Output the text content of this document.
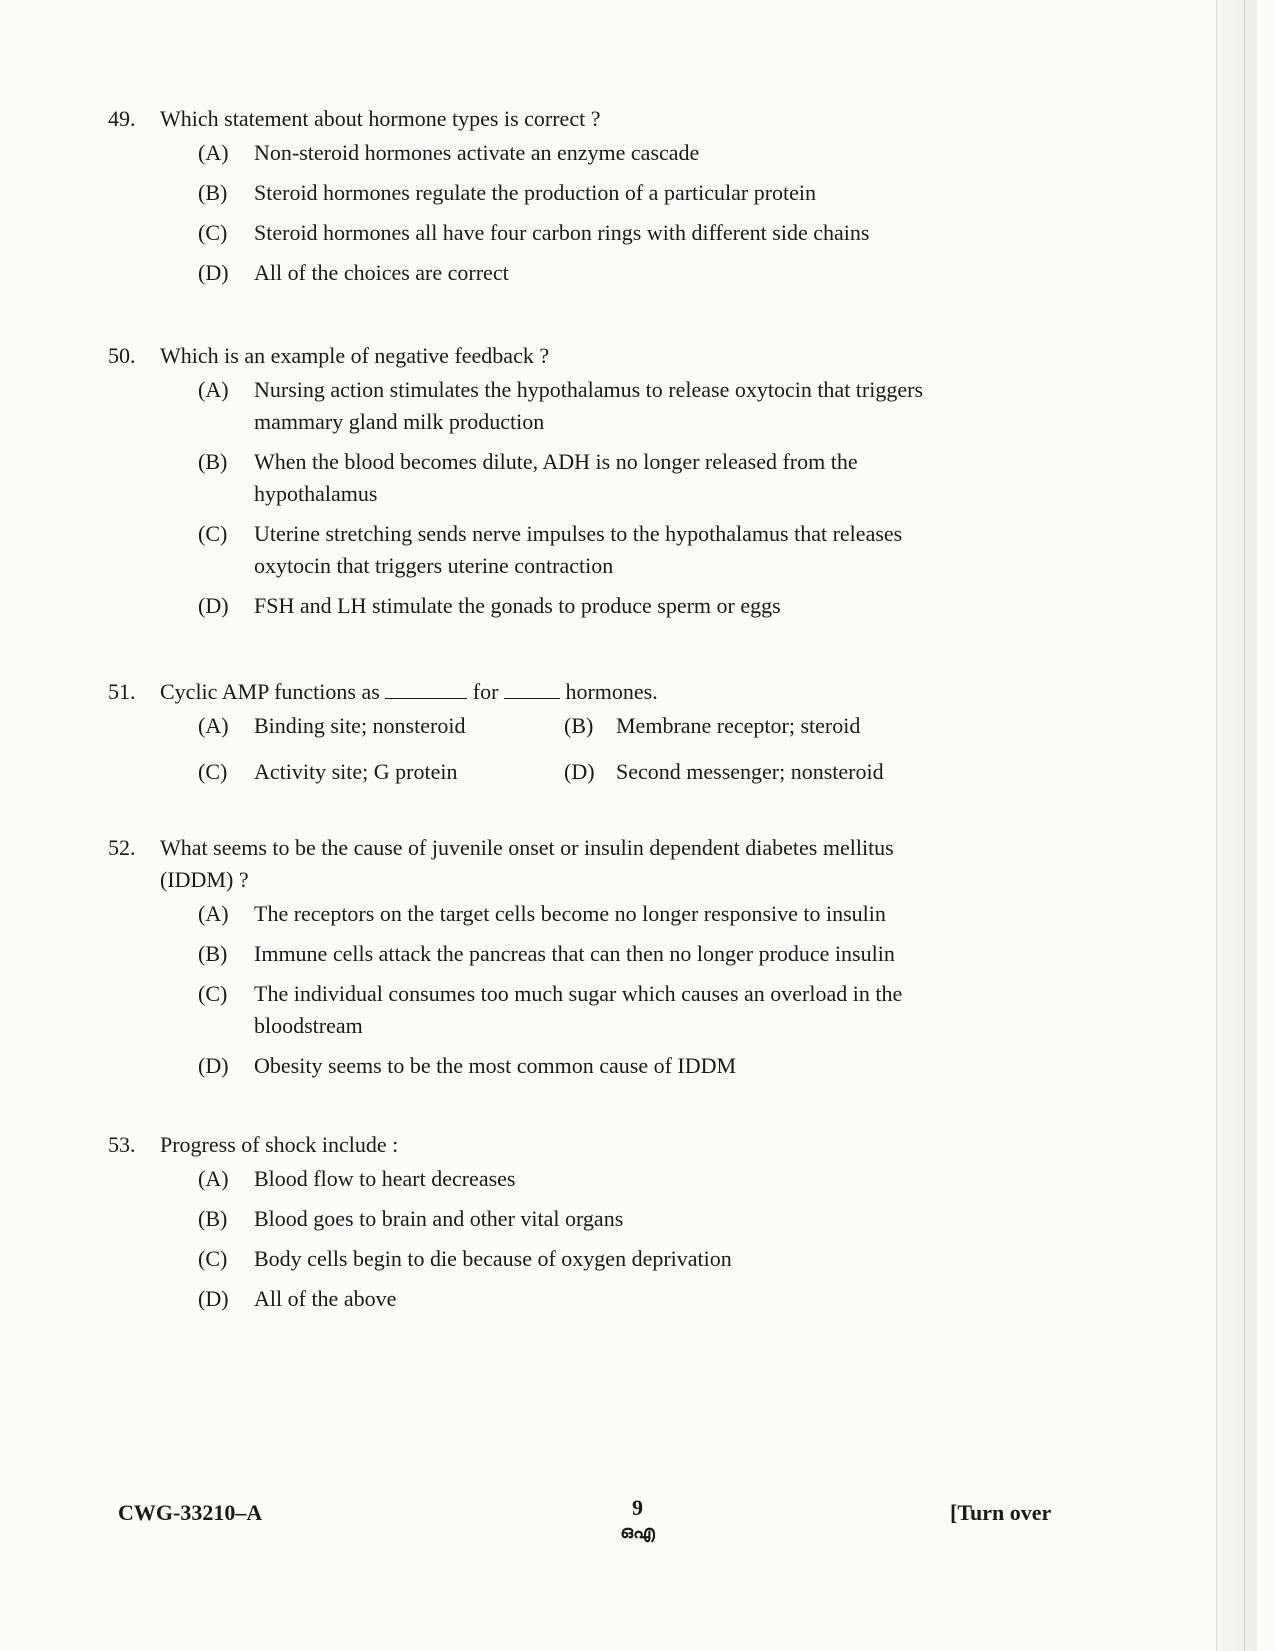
49.	Which statement about hormone types is correct ?
(A)	Non-steroid hormones activate an enzyme cascade
(B)	Steroid hormones regulate the production of a particular protein
(C)	Steroid hormones all have four carbon rings with different side chains
(D)	All of the choices are correct
50.	Which is an example of negative feedback ?
(A)	Nursing action stimulates the hypothalamus to release oxytocin that triggers mammary gland milk production
(B)	When the blood becomes dilute, ADH is no longer released from the hypothalamus
(C)	Uterine stretching sends nerve impulses to the hypothalamus that releases oxytocin that triggers uterine contraction
(D)	FSH and LH stimulate the gonads to produce sperm or eggs
51.	Cyclic AMP functions as	for	hormones.
(A)	Binding site; nonsteroid	(B)	Membrane receptor; steroid
(C)	Activity site; G protein	(D) Second messenger; nonsteroid
52.	What seems to be the cause of juvenile onset or insulin dependent diabetes mellitus (IDDM) ?
(A)	The receptors on the target cells become no longer responsive to insulin
(B)	Immune cells attack the pancreas that can then no longer produce insulin
(C)	The individual consumes too much sugar which causes an overload in the bloodstream
(D)	Obesity seems to be the most common cause of IDDM
53.	Progress of shock include :
(A)	Blood flow to heart decreases
(B)	Blood goes to brain and other vital organs
(C)	Body cells begin to die because of oxygen deprivation
(D)	All of the above
CWG-33210–A	9
ഒഎ
[Turn over
